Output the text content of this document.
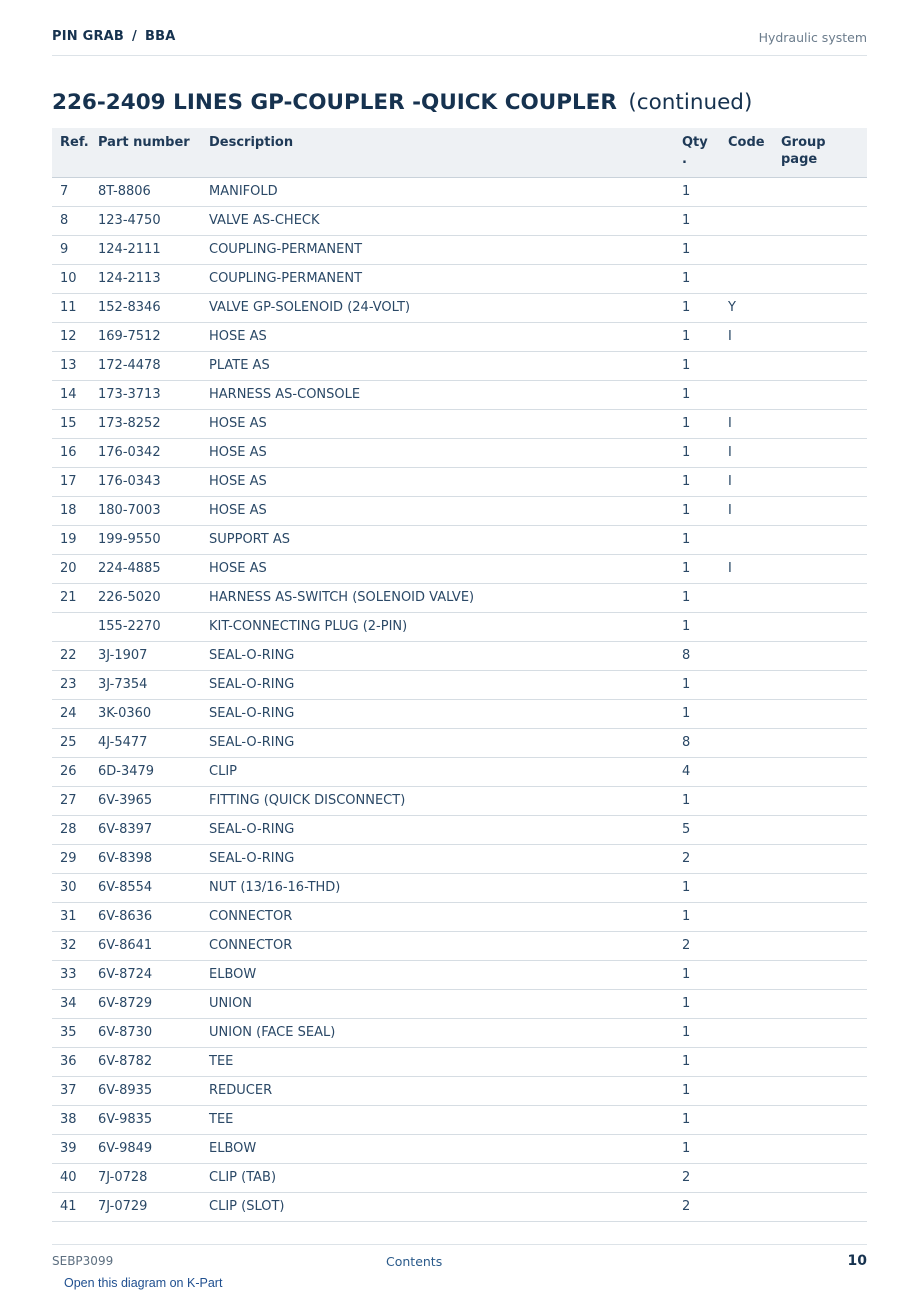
PIN GRAB / BBA	Hydraulic system
226-2409 LINES GP-COUPLER -QUICK COUPLER (continued)
Ref.	Part number	Description	Qty .	Code	Group page

7	8T-8806	MANIFOLD	1		
8	123-4750	VALVE AS-CHECK	1		
9	124-2111	COUPLING-PERMANENT	1		
10	124-2113	COUPLING-PERMANENT	1		
11	152-8346	VALVE GP-SOLENOID (24-VOLT)	1	Y	
12	169-7512	HOSE AS	1	I	
13	172-4478	PLATE AS	1		
14	173-3713	HARNESS AS-CONSOLE	1		
15	173-8252	HOSE AS	1	I	
16	176-0342	HOSE AS	1	I	
17	176-0343	HOSE AS	1	I	
18	180-7003	HOSE AS	1	I	
19	199-9550	SUPPORT AS	1		
20	224-4885	HOSE AS	1	I	
21	226-5020	HARNESS AS-SWITCH (SOLENOID VALVE)	1		
	155-2270	KIT-CONNECTING PLUG (2-PIN)	1		
22	3J-1907	SEAL-O-RING	8		
23	3J-7354	SEAL-O-RING	1		
24	3K-0360	SEAL-O-RING	1		
25	4J-5477	SEAL-O-RING	8		
26	6D-3479	CLIP	4		
27	6V-3965	FITTING (QUICK DISCONNECT)	1		
28	6V-8397	SEAL-O-RING	5		
29	6V-8398	SEAL-O-RING	2		
30	6V-8554	NUT (13/16-16-THD)	1		
31	6V-8636	CONNECTOR	1		
32	6V-8641	CONNECTOR	2		
33	6V-8724	ELBOW	1		
34	6V-8729	UNION	1		
35	6V-8730	UNION (FACE SEAL)	1		
36	6V-8782	TEE	1		
37	6V-8935	REDUCER	1		
38	6V-9835	TEE	1		
39	6V-9849	ELBOW	1		
40	7J-0728	CLIP (TAB)	2		
41	7J-0729	CLIP (SLOT)	2		
SEBP3099	Contents	10
Open this diagram on K-Part
